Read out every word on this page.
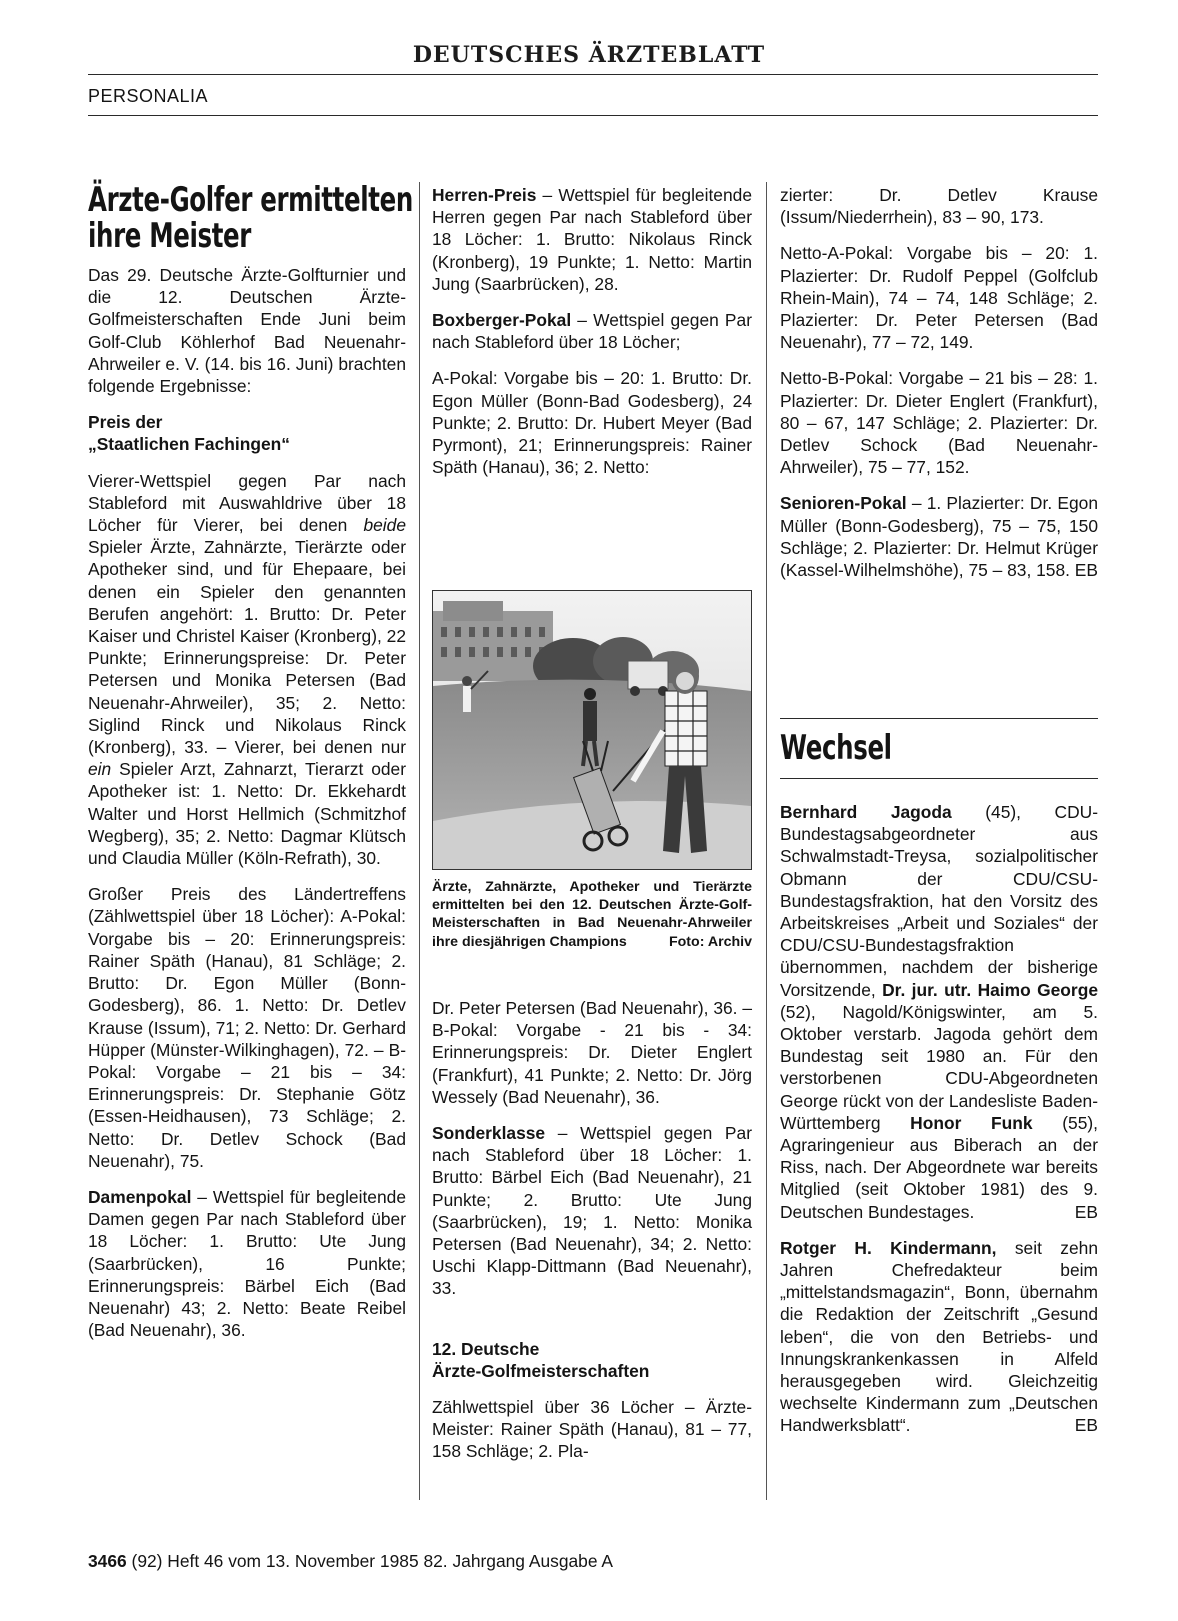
DEUTSCHES ÄRZTEBLATT
PERSONALIA
Ärzte-Golfer ermittelten
ihre Meister

Das 29. Deutsche Ärzte-Golfturnier und die 12. Deutschen Ärzte-Golfmeisterschaften Ende Juni beim Golf-Club Köhlerhof Bad Neuenahr-Ahrweiler e. V. (14. bis 16. Juni) brachten folgende Ergebnisse:

Preis der
„Staatlichen Fachingen“

Vierer-Wettspiel gegen Par nach Stableford mit Auswahldrive über 18 Löcher für Vierer, bei denen beide Spieler Ärzte, Zahnärzte, Tierärzte oder Apotheker sind, und für Ehepaare, bei denen ein Spieler den genannten Berufen angehört: 1. Brutto: Dr. Peter Kaiser und Christel Kaiser (Kronberg), 22 Punkte; Erinnerungspreise: Dr. Peter Petersen und Monika Petersen (Bad Neuenahr-Ahrweiler), 35; 2. Netto: Siglind Rinck und Nikolaus Rinck (Kronberg), 33. – Vierer, bei denen nur ein Spieler Arzt, Zahnarzt, Tierarzt oder Apotheker ist: 1. Netto: Dr. Ekkehardt Walter und Horst Hellmich (Schmitzhof Wegberg), 35; 2. Netto: Dagmar Klütsch und Claudia Müller (Köln-Refrath), 30.

Großer Preis des Ländertreffens (Zählwettspiel über 18 Löcher): A-Pokal: Vorgabe bis – 20: Erinnerungspreis: Rainer Späth (Hanau), 81 Schläge; 2. Brutto: Dr. Egon Müller (Bonn-Godesberg), 86. 1. Netto: Dr. Detlev Krause (Issum), 71; 2. Netto: Dr. Gerhard Hüpper (Münster-Wilkinghagen), 72. – B-Pokal: Vorgabe – 21 bis – 34: Erinnerungspreis: Dr. Stephanie Götz (Essen-Heidhausen), 73 Schläge; 2. Netto: Dr. Detlev Schock (Bad Neuenahr), 75.

Damenpokal – Wettspiel für begleitende Damen gegen Par nach Stableford über 18 Löcher: 1. Brutto: Ute Jung (Saarbrücken), 16 Punkte; Erinnerungspreis: Bärbel Eich (Bad Neuenahr) 43; 2. Netto: Beate Reibel (Bad Neuenahr), 36.

Herren-Preis – Wettspiel für begleitende Herren gegen Par nach Stableford über 18 Löcher: 1. Brutto: Nikolaus Rinck (Kronberg), 19 Punkte; 1. Netto: Martin Jung (Saarbrücken), 28.

Boxberger-Pokal – Wettspiel gegen Par nach Stableford über 18 Löcher;

A-Pokal: Vorgabe bis – 20: 1. Brutto: Dr. Egon Müller (Bonn-Bad Godesberg), 24 Punkte; 2. Brutto: Dr. Hubert Meyer (Bad Pyrmont), 21; Erinnerungspreis: Rainer Späth (Hanau), 36; 2. Netto:

Ärzte, Zahnärzte, Apotheker und Tierärzte ermittelten bei den 12. Deutschen Ärzte-Golf-Meisterschaften in Bad Neuenahr-Ahrweiler ihre diesjährigen Champions	Foto: Archiv

Dr. Peter Petersen (Bad Neuenahr), 36. – B-Pokal: Vorgabe - 21 bis - 34: Erinnerungspreis: Dr. Dieter Englert (Frankfurt), 41 Punkte; 2. Netto: Dr. Jörg Wessely (Bad Neuenahr), 36.

Sonderklasse – Wettspiel gegen Par nach Stableford über 18 Löcher: 1. Brutto: Bärbel Eich (Bad Neuenahr), 21 Punkte; 2. Brutto: Ute Jung (Saarbrücken), 19; 1. Netto: Monika Petersen (Bad Neuenahr), 34; 2. Netto: Uschi Klapp-Dittmann (Bad Neuenahr), 33.

12. Deutsche
Ärzte-Golfmeisterschaften

Zählwettspiel über 36 Löcher – Ärzte-Meister: Rainer Späth (Hanau), 81 – 77, 158 Schläge; 2. Pla-

zierter: Dr. Detlev Krause (Issum/Niederrhein), 83 – 90, 173.

Netto-A-Pokal: Vorgabe bis – 20: 1. Plazierter: Dr. Rudolf Peppel (Golfclub Rhein-Main), 74 – 74, 148 Schläge; 2. Plazierter: Dr. Peter Petersen (Bad Neuenahr), 77 – 72, 149.

Netto-B-Pokal: Vorgabe – 21 bis – 28: 1. Plazierter: Dr. Dieter Englert (Frankfurt), 80 – 67, 147 Schläge; 2. Plazierter: Dr. Detlev Schock (Bad Neuenahr-Ahrweiler), 75 – 77, 152.

Senioren-Pokal – 1. Plazierter: Dr. Egon Müller (Bonn-Godesberg), 75 – 75, 150 Schläge; 2. Plazierter: Dr. Helmut Krüger (Kassel-Wilhelmshöhe), 75 – 83, 158. EB

Wechsel

Bernhard Jagoda (45), CDU-Bundestagsabgeordneter aus Schwalmstadt-Treysa, sozialpolitischer Obmann der CDU/CSU-Bundestagsfraktion, hat den Vorsitz des Arbeitskreises „Arbeit und Soziales“ der CDU/CSU-Bundestagsfraktion übernommen, nachdem der bisherige Vorsitzende, Dr. jur. utr. Haimo George (52), Nagold/Königswinter, am 5. Oktober verstarb. Jagoda gehört dem Bundestag seit 1980 an. Für den verstorbenen CDU-Abgeordneten George rückt von der Landesliste Baden-Württemberg Honor Funk (55), Agraringenieur aus Biberach an der Riss, nach. Der Abgeordnete war bereits Mitglied (seit Oktober 1981) des 9. Deutschen Bundestages.	EB

Rotger H. Kindermann, seit zehn Jahren Chefredakteur beim „mittelstandsmagazin“, Bonn, übernahm die Redaktion der Zeitschrift „Gesund leben“, die von den Betriebs- und Innungskrankenkassen in Alfeld herausgegeben wird. Gleichzeitig wechselte Kindermann zum „Deutschen Handwerksblatt“.	EB

3466 (92) Heft 46 vom 13. November 1985 82. Jahrgang Ausgabe A
